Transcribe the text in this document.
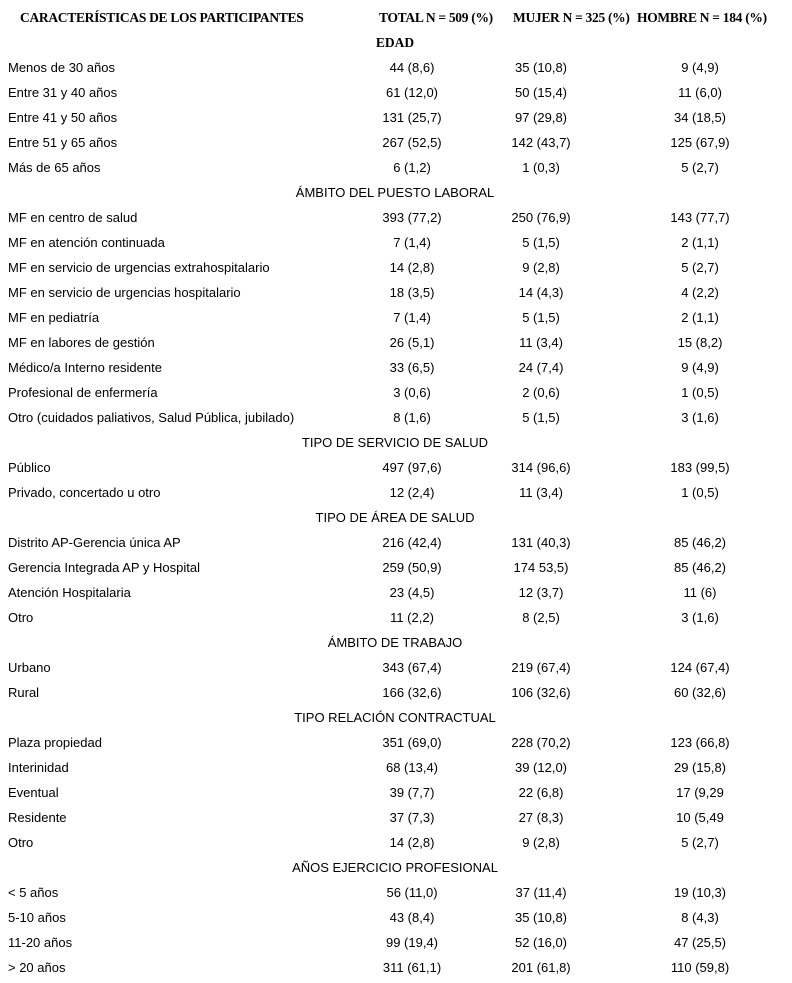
CARACTERÍSTICAS DE LOS PARTICIPANTES	TOTAL N = 509 (%) MUJER N = 325 (%) HOMBRE N = 184 (%)
EDAD
Menos de 30 años	44 (8,6)	35 (10,8)	9 (4,9)
Entre 31 y 40 años	61 (12,0)	50 (15,4)	11 (6,0)
Entre 41 y 50 años	131 (25,7)	97 (29,8)	34 (18,5)
Entre 51 y 65 años	267 (52,5)	142 (43,7)	125 (67,9)
Más de 65 años	6 (1,2)	1 (0,3)	5 (2,7)
ÁMBITO DEL PUESTO LABORAL
MF en centro de salud	393 (77,2)	250 (76,9)	143 (77,7)
MF en atención continuada	7 (1,4)	5 (1,5)	2 (1,1)
MF en servicio de urgencias extrahospitalario	14 (2,8)	9 (2,8)	5 (2,7)
MF en servicio de urgencias hospitalario	18 (3,5)	14 (4,3)	4 (2,2)
MF en pediatría	7 (1,4)	5 (1,5)	2 (1,1)
MF en labores de gestión	26 (5,1)	11 (3,4)	15 (8,2)
Médico/a Interno residente	33 (6,5)	24 (7,4)	9 (4,9)
Profesional de enfermería	3 (0,6)	2 (0,6)	1 (0,5)
Otro (cuidados paliativos, Salud Pública, jubilado)	8 (1,6)	5 (1,5)	3 (1,6)
TIPO DE SERVICIO DE SALUD
Público	497 (97,6)	314 (96,6)	183 (99,5)
Privado, concertado u otro	12 (2,4)	11 (3,4)	1 (0,5)
TIPO DE ÁREA DE SALUD
Distrito AP-Gerencia única AP	216 (42,4)	131 (40,3)	85 (46,2)
Gerencia Integrada AP y Hospital	259 (50,9)	174 53,5)	85 (46,2)
Atención Hospitalaria	23 (4,5)	12 (3,7)	11 (6)
Otro	11 (2,2)	8 (2,5)	3 (1,6)
ÁMBITO DE TRABAJO
Urbano	343 (67,4)	219 (67,4)	124 (67,4)
Rural	166 (32,6)	106 (32,6)	60 (32,6)
TIPO RELACIÓN CONTRACTUAL
Plaza propiedad	351 (69,0)	228 (70,2)	123 (66,8)
Interinidad	68 (13,4)	39 (12,0)	29 (15,8)
Eventual	39 (7,7)	22 (6,8)	17 (9,29
Residente	37 (7,3)	27 (8,3)	10 (5,49
Otro	14 (2,8)	9 (2,8)	5 (2,7)
AÑOS EJERCICIO PROFESIONAL
< 5 años	56 (11,0)	37 (11,4)	19 (10,3)
5-10 años	43 (8,4)	35 (10,8)	8 (4,3)
11-20 años	99 (19,4)	52 (16,0)	47 (25,5)
> 20 años	311 (61,1)	201 (61,8)	110 (59,8)
